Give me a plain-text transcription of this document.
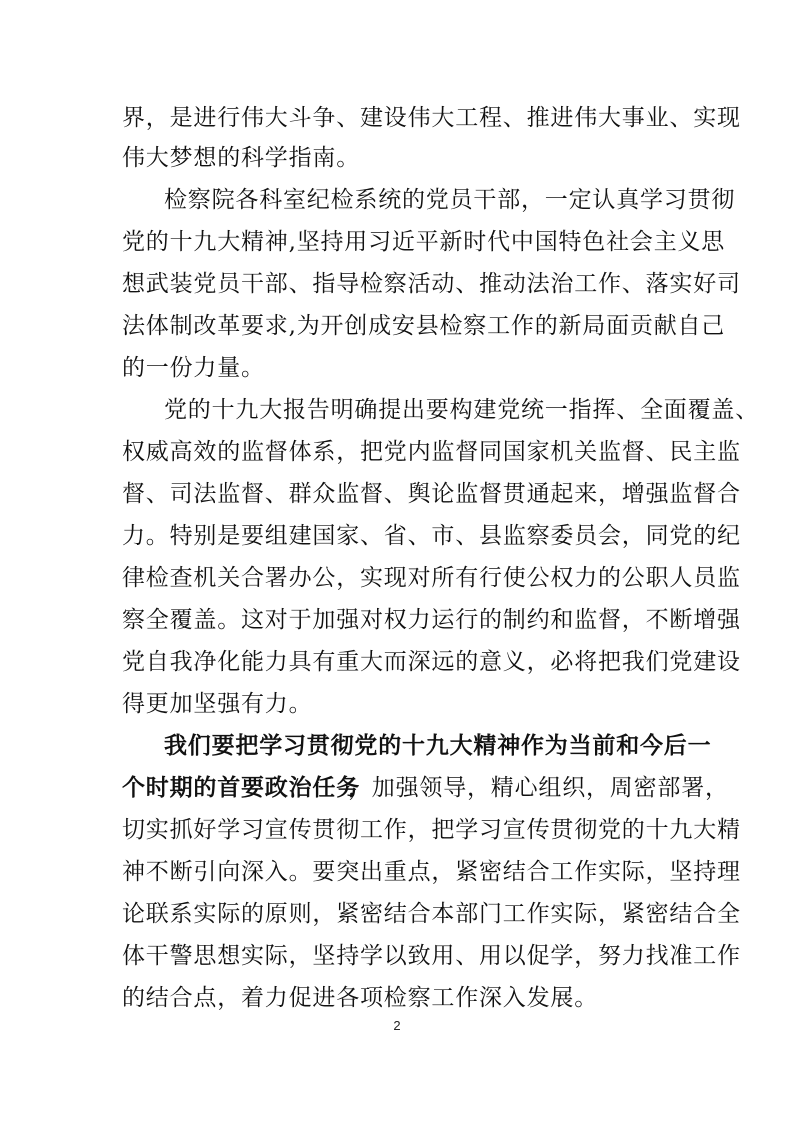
界，是进行伟大斗争、建设伟大工程、推进伟大事业、实现
伟大梦想的科学指南。
检察院各科室纪检系统的党员干部，一定认真学习贯彻
党的十九大精神,坚持用习近平新时代中国特色社会主义思
想武装党员干部、指导检察活动、推动法治工作、落实好司
法体制改革要求,为开创成安县检察工作的新局面贡献自己
的一份力量。
党的十九大报告明确提出要构建党统一指挥、全面覆盖、
权威高效的监督体系，把党内监督同国家机关监督、民主监
督、司法监督、群众监督、舆论监督贯通起来，增强监督合
力。特别是要组建国家、省、市、县监察委员会，同党的纪
律检查机关合署办公，实现对所有行使公权力的公职人员监
察全覆盖。这对于加强对权力运行的制约和监督，不断增强
党自我净化能力具有重大而深远的意义，必将把我们党建设
得更加坚强有力。
我们要把学习贯彻党的十九大精神作为当前和今后一
个时期的首要政治任务
，加强领导，精心组织，周密部署，
切实抓好学习宣传贯彻工作，把学习宣传贯彻党的十九大精
神不断引向深入。要突出重点，紧密结合工作实际，坚持理
论联系实际的原则，紧密结合本部门工作实际，紧密结合全
体干警思想实际，坚持学以致用、用以促学，努力找准工作
的结合点，着力促进各项检察工作深入发展。
2
